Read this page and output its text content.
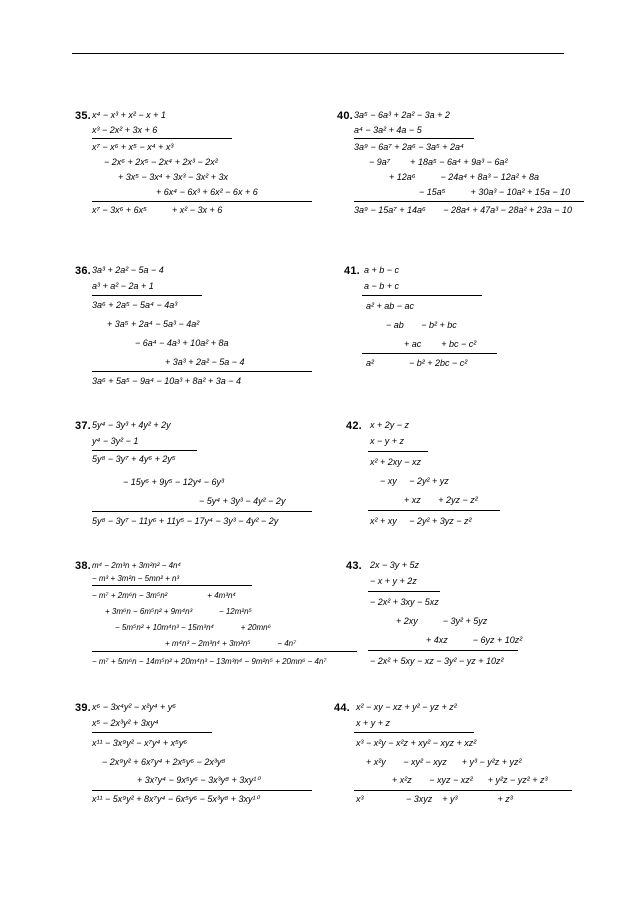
35. x⁴ − x³ + x² − x + 1
x³ − 2x² + 3x + 6
x⁷ − x⁶ + x⁵ − x⁴ + x³
− 2x⁶ + 2x⁵ − 2x⁴ + 2x³ − 2x²
+ 3x⁵ − 3x⁴ + 3x³ − 3x² + 3x
+ 6x⁴ − 6x³ + 6x² − 6x + 6
x⁷ − 3x⁶ + 6x⁵          + x² − 3x + 6
40. 3a⁵ − 6a³ + 2a² − 3a + 2
a⁴ − 3a² + 4a − 5
3a⁹ − 6a⁷ + 2a⁶ − 3a⁵ + 2a⁴
− 9a⁷        + 18a⁵ − 6a⁴ + 9a³ − 6a²
+ 12a⁶          − 24a⁴ + 8a³ − 12a² + 8a
− 15a⁵          + 30a³ − 10a² + 15a − 10
3a⁹ − 15a⁷ + 14a⁶       − 28a⁴ + 47a³ − 28a² + 23a − 10
36. 3a³ + 2a² − 5a − 4
a³ + a² − 2a + 1
3a⁶ + 2a⁵ − 5a⁴ − 4a³
+ 3a⁵ + 2a⁴ − 5a³ − 4a²
− 6a⁴ − 4a³ + 10a² + 8a
+ 3a³ + 2a² − 5a − 4
3a⁶ + 5a⁵ − 9a⁴ − 10a³ + 8a² + 3a − 4
41. a + b − c
a − b + c
a² + ab − ac
− ab       − b² + bc
+ ac        + bc − c²
a²              − b² + 2bc − c²
37. 5y⁴ − 3y³ + 4y² + 2y
y⁴ − 3y² − 1
5y⁸ − 3y⁷ + 4y⁶ + 2y⁵
− 15y⁶ + 9y⁵ − 12y⁴ − 6y³
− 5y⁴ + 3y³ − 4y² − 2y
5y⁸ − 3y⁷ − 11y⁶ + 11y⁵ − 17y⁴ − 3y³ − 4y² − 2y
42. x + 2y − z
x − y + z
x² + 2xy − xz
− xy     − 2y² + yz
+ xz       + 2yz − z²
x² + xy     − 2y² + 3yz − z²
38. m⁴ − 2m³n + 3m²n² − 4n⁴
− m³ + 3m²n − 5mn² + n³
− m⁷ + 2m⁶n − 3m⁵n²                  + 4m³n⁴
+ 3m⁶n − 6m⁵n² + 9m⁴n³            − 12m²n⁵
− 5m⁵n² + 10m⁴n³ − 15m³n⁴            + 20mn⁶
+ m⁴n³ − 2m³n⁴ + 3m²n⁵            − 4n⁷
− m⁷ + 5m⁶n − 14m⁵n² + 20m⁴n³ − 13m³n⁴ − 9m²n⁵ + 20mn⁶ − 4n⁷
43. 2x − 3y + 5z
− x + y + 2z
− 2x² + 3xy − 5xz
+ 2xy          − 3y² + 5yz
+ 4xz          − 6yz + 10z²
− 2x² + 5xy − xz − 3y² − yz + 10z²
39. x⁶ − 3x⁴y² − x²y⁴ + y⁶
x⁵ − 2x³y² + 3xy⁴
x¹¹ − 3x⁹y² − x⁷y⁴ + x⁵y⁶
− 2x⁹y² + 6x⁷y⁴ + 2x⁵y⁶ − 2x³y⁸
+ 3x⁷y⁴ − 9x⁵y⁶ − 3x³y⁸ + 3xy¹⁰
x¹¹ − 5x⁹y² + 8x⁷y⁴ − 6x⁵y⁶ − 5x³y⁸ + 3xy¹⁰
44. x² − xy − xz + y² − yz + z²
x + y + z
x³ − x²y − x²z + xy² − xyz + xz²
+ x²y       − xy² − xyz      + y³ − y²z + yz²
+ x²z       − xyz − xz²      + y²z − yz² + z³
x³                 − 3xyz    + y³                + z³
